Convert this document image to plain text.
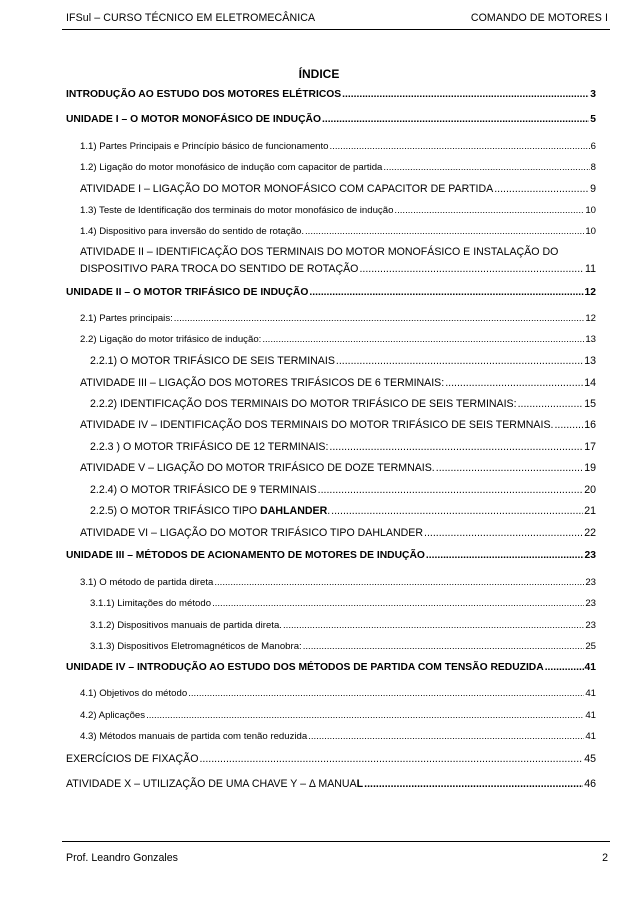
IFSul – CURSO TÉCNICO EM ELETROMECÂNICA	COMANDO DE MOTORES I
ÍNDICE
INTRODUÇÃO AO ESTUDO DOS MOTORES ELÉTRICOS .....	3
UNIDADE I – O MOTOR MONOFÁSICO DE INDUÇÃO .....	5
1.1) Partes Principais e Princípio básico de funcionamento .....	6
1.2) Ligação do motor monofásico de indução com capacitor de partida .....	8
ATIVIDADE I – LIGAÇÃO DO MOTOR MONOFÁSICO COM CAPACITOR DE PARTIDA .....	9
1.3) Teste de Identificação dos terminais do motor monofásico de indução .....	10
1.4) Dispositivo para inversão do sentido de rotação. .....	10
ATIVIDADE II – IDENTIFICAÇÃO DOS TERMINAIS DO MOTOR MONOFÁSICO E INSTALAÇÃO DO
DISPOSITIVO PARA TROCA DO SENTIDO DE ROTAÇÃO .....	11
UNIDADE II – O MOTOR TRIFÁSICO DE INDUÇÃO .....	12
2.1) Partes principais: .....	12
2.2) Ligação do motor trifásico de indução: .....	13
2.2.1) O MOTOR TRIFÁSICO DE SEIS TERMINAIS .....	13
ATIVIDADE III – LIGAÇÃO DOS MOTORES TRIFÁSICOS DE 6 TERMINAIS: .....	14
2.2.2) IDENTIFICAÇÃO DOS TERMINAIS DO MOTOR TRIFÁSICO DE SEIS TERMINAIS: .....	15
ATIVIDADE IV – IDENTIFICAÇÃO DOS TERMINAIS DO MOTOR TRIFÁSICO DE SEIS TERMNAIS. .....	16
2.2.3 ) O MOTOR TRIFÁSICO DE 12 TERMINAIS: .....	17
ATIVIDADE V – LIGAÇÃO DO MOTOR TRIFÁSICO DE DOZE TERMNAIS. .....	19
2.2.4) O MOTOR TRIFÁSICO DE 9 TERMINAIS .....	20
2.2.5) O MOTOR TRIFÁSICO TIPO DAHLANDER. .....	21
ATIVIDADE VI – LIGAÇÃO DO MOTOR TRIFÁSICO TIPO DAHLANDER .....	22
UNIDADE III – MÉTODOS DE ACIONAMENTO DE MOTORES DE INDUÇÃO .....	23
3.1) O método de partida direta .....	23
3.1.1) Limitações do método .....	23
3.1.2) Dispositivos manuais de partida direta. .....	23
3.1.3) Dispositivos Eletromagnéticos de Manobra: .....	25
UNIDADE IV – INTRODUÇÃO AO ESTUDO DOS MÉTODOS DE PARTIDA COM TENSÃO REDUZIDA .....	41
4.1) Objetivos do método .....	41
4.2) Aplicações .....	41
4.3) Métodos manuais de partida com tenão reduzida .....	41
EXERCÍCIOS DE FIXAÇÃO .....	45
ATIVIDADE X – UTILIZAÇÃO DE UMA CHAVE Y – Δ MANUAL .....	46
Prof. Leandro Gonzales	2
